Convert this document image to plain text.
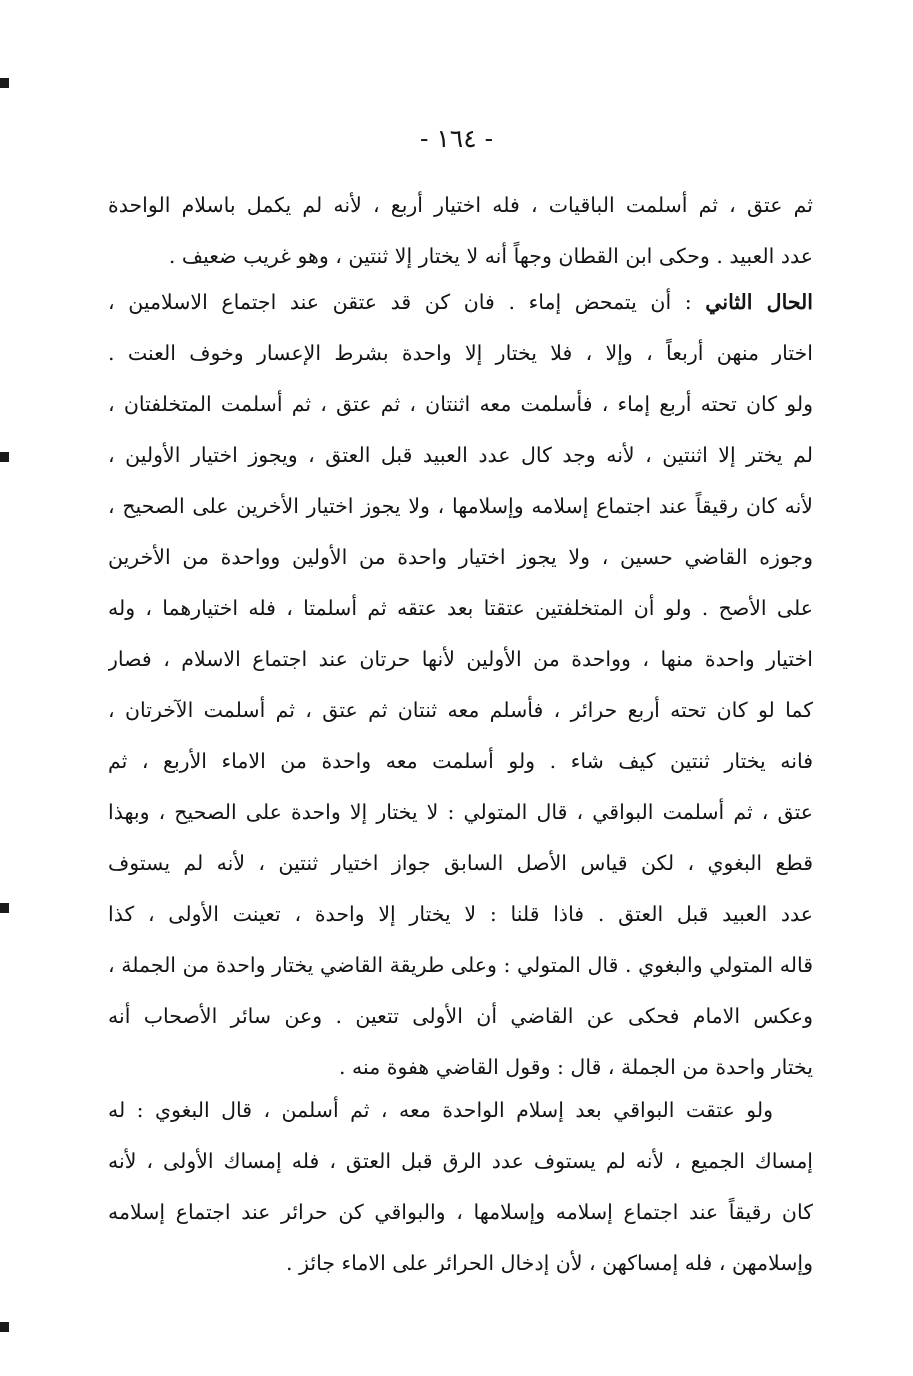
- ١٦٤ -
ثم عتق ، ثم أسلمت الباقيات ، فله اختيار أربع ، لأنه لم يكمل باسلام الواحدة
عدد العبيد . وحكى ابن القطان وجهاً أنه لا يختار إلا ثنتين ، وهو غريب ضعيف .
الحال الثاني : أن يتمحض إماء . فان كن قد عتقن عند اجتماع الاسلامين ،
اختار منهن أربعاً ، وإلا ، فلا يختار إلا واحدة بشرط الإعسار وخوف العنت .
ولو كان تحته أربع إماء ، فأسلمت معه اثنتان ، ثم عتق ، ثم أسلمت المتخلفتان ،
لم يختر إلا اثنتين ، لأنه وجد كال عدد العبيد قبل العتق ، ويجوز اختيار الأولين ،
لأنه كان رقيقاً عند اجتماع إسلامه وإسلامها ، ولا يجوز اختيار الأخرين على الصحيح ،
وجوزه القاضي حسين ، ولا يجوز اختيار واحدة من الأولين وواحدة من الأخرين
على الأصح . ولو أن المتخلفتين عتقتا بعد عتقه ثم أسلمتا ، فله اختيارهما ، وله
اختيار واحدة منها ، وواحدة من الأولين لأنها حرتان عند اجتماع الاسلام ، فصار
كما لو كان تحته أربع حرائر ، فأسلم معه ثنتان ثم عتق ، ثم أسلمت الآخرتان ،
فانه يختار ثنتين كيف شاء . ولو أسلمت معه واحدة من الاماء الأربع ، ثم
عتق ، ثم أسلمت البواقي ، قال المتولي : لا يختار إلا واحدة على الصحيح ، وبهذا
قطع البغوي ، لكن قياس الأصل السابق جواز اختيار ثنتين ، لأنه لم يستوف
عدد العبيد قبل العتق . فاذا قلنا : لا يختار إلا واحدة ، تعينت الأولى ، كذا
قاله المتولي والبغوي . قال المتولي : وعلى طريقة القاضي يختار واحدة من الجملة ،
وعكس الامام فحكى عن القاضي أن الأولى تتعين . وعن سائر الأصحاب أنه
يختار واحدة من الجملة ، قال : وقول القاضي هفوة منه .
ولو عتقت البواقي بعد إسلام الواحدة معه ، ثم أسلمن ، قال البغوي : له
إمساك الجميع ، لأنه لم يستوف عدد الرق قبل العتق ، فله إمساك الأولى ، لأنه
كان رقيقاً عند اجتماع إسلامه وإسلامها ، والبواقي كن حرائر عند اجتماع إسلامه
وإسلامهن ، فله إمساكهن ، لأن إدخال الحرائر على الاماء جائز .
